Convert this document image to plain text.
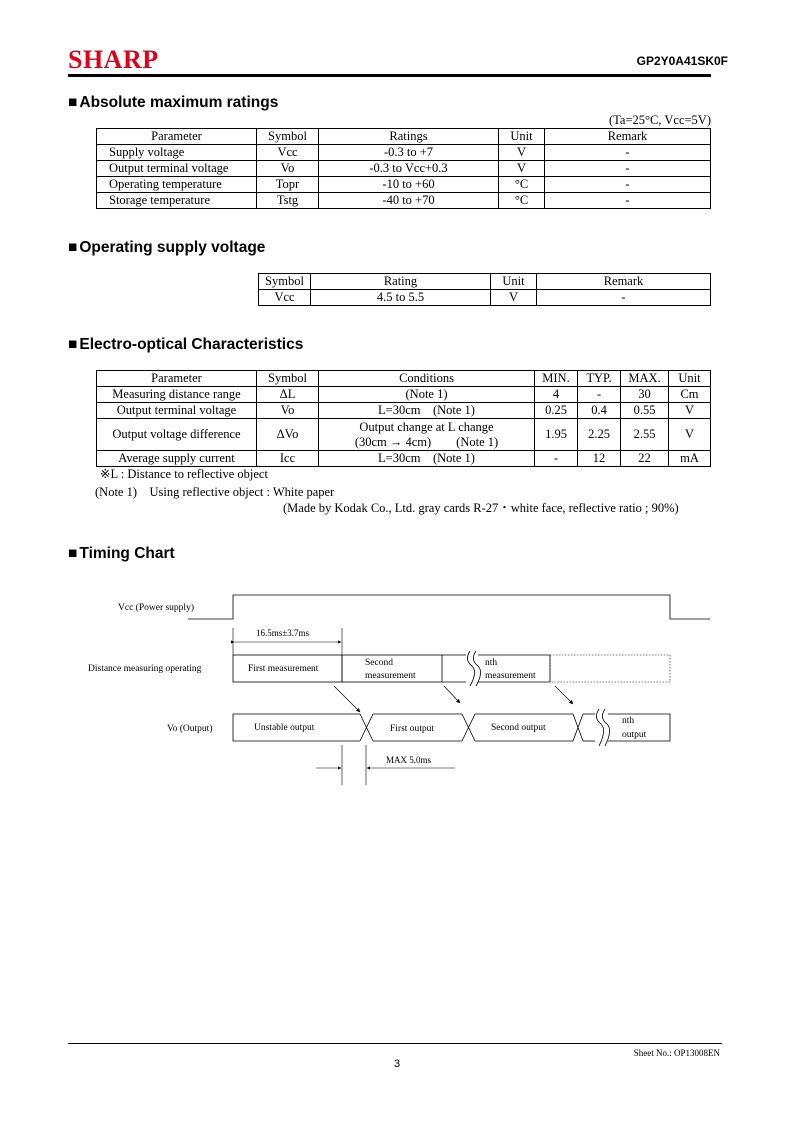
SHARP	GP2Y0A41SK0F
■ Absolute maximum ratings
(Ta=25°C, Vcc=5V)
Parameter	Symbol	Ratings	Unit	Remark
Supply voltage	Vcc	-0.3 to +7	V	-
Output terminal voltage	Vo	-0.3 to Vcc+0.3	V	-
Operating temperature	Topr	-10 to +60	°C	-
Storage temperature	Tstg	-40 to +70	°C	-
■ Operating supply voltage
Symbol	Rating	Unit	Remark
Vcc	4.5 to 5.5	V	-
■ Electro-optical Characteristics
Parameter	Symbol	Conditions	MIN.	TYP.	MAX.	Unit
Measuring distance range	ΔL	(Note 1)	4	-	30	Cm
Output terminal voltage	Vo	L=30cm　(Note 1)	0.25	0.4	0.55	V
Output voltage difference	ΔVo	Output change at L change
(30cm → 4cm)　　(Note 1)	1.95	2.25	2.55	V
Average supply current	Icc	L=30cm　(Note 1)	-	12	22	mA
※L : Distance to reflective object
(Note 1)　Using reflective object : White paper
(Made by Kodak Co., Ltd. gray cards R-27・white face, reflective ratio ; 90%)
■ Timing Chart
Vcc (Power supply)
16.5ms±3.7ms
Distance measuring operating	First measurement
Second
measurement
nth
measurement
Vo (Output)	Unstable output	First output	Second output
nth
output
MAX 5.0ms
Sheet No.: OP13008EN
3
